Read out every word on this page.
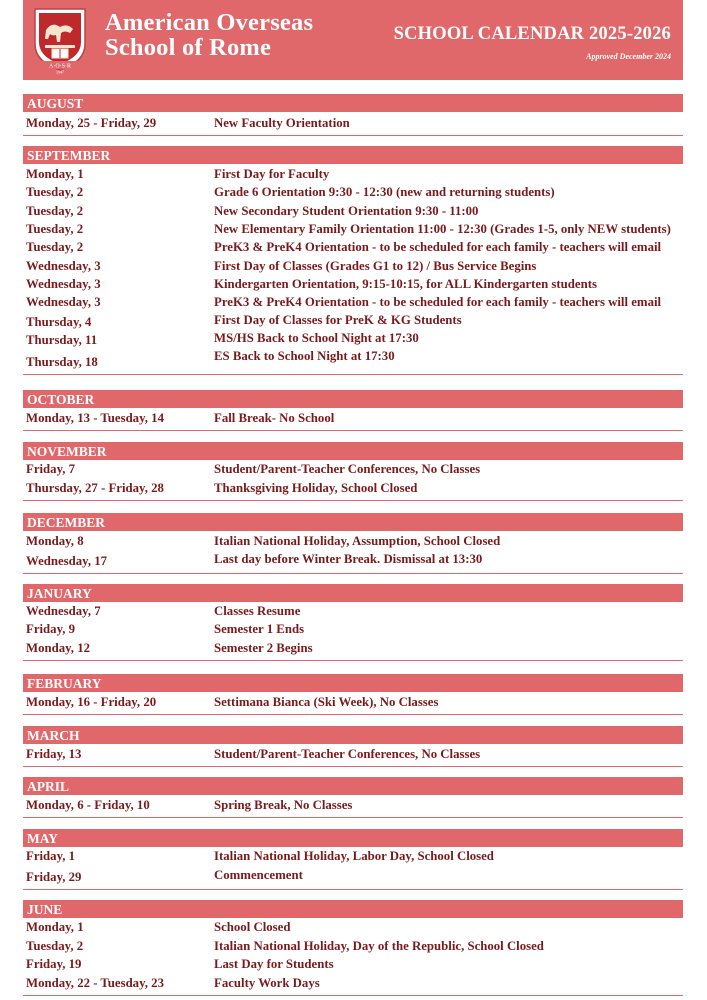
A·O·S·R
1947
American Overseas
School of Rome	SCHOOL CALENDAR 2025-2026
Approved December 2024
AUGUST
Monday, 25 - Friday, 29	New Faculty Orientation
SEPTEMBER
Monday, 1	First Day for Faculty
Tuesday, 2	Grade 6 Orientation 9:30 - 12:30 (new and returning students)
Tuesday, 2	New Secondary Student Orientation 9:30 - 11:00
Tuesday, 2	New Elementary Family Orientation 11:00 - 12:30 (Grades 1-5, only NEW students)
Tuesday, 2	PreK3 & PreK4 Orientation - to be scheduled for each family - teachers will email
Wednesday, 3	First Day of Classes (Grades G1 to 12) / Bus Service Begins
Wednesday, 3	Kindergarten Orientation, 9:15-10:15, for ALL Kindergarten students
Wednesday, 3	PreK3 & PreK4 Orientation - to be scheduled for each family - teachers will email
Thursday, 4	First Day of Classes for PreK & KG Students
Thursday, 11	MS/HS Back to School Night at 17:30
Thursday, 18	ES Back to School Night at 17:30
OCTOBER
Monday, 13 - Tuesday, 14	Fall Break- No School
NOVEMBER
Friday, 7	Student/Parent-Teacher Conferences, No Classes
Thursday, 27 - Friday, 28	Thanksgiving Holiday, School Closed
DECEMBER
Monday, 8	Italian National Holiday, Assumption, School Closed
Wednesday, 17	Last day before Winter Break. Dismissal at 13:30
JANUARY
Wednesday, 7	Classes Resume
Friday, 9	Semester 1 Ends
Monday, 12	Semester 2 Begins
FEBRUARY
Monday, 16 - Friday, 20	Settimana Bianca (Ski Week), No Classes
MARCH
Friday, 13	Student/Parent-Teacher Conferences, No Classes
APRIL
Monday, 6 - Friday, 10	Spring Break, No Classes
MAY
Friday, 1	Italian National Holiday, Labor Day, School Closed
Friday, 29	Commencement
JUNE
Monday, 1	School Closed
Tuesday, 2	Italian National Holiday, Day of the Republic, School Closed
Friday, 19	Last Day for Students
Monday, 22 - Tuesday, 23	Faculty Work Days
